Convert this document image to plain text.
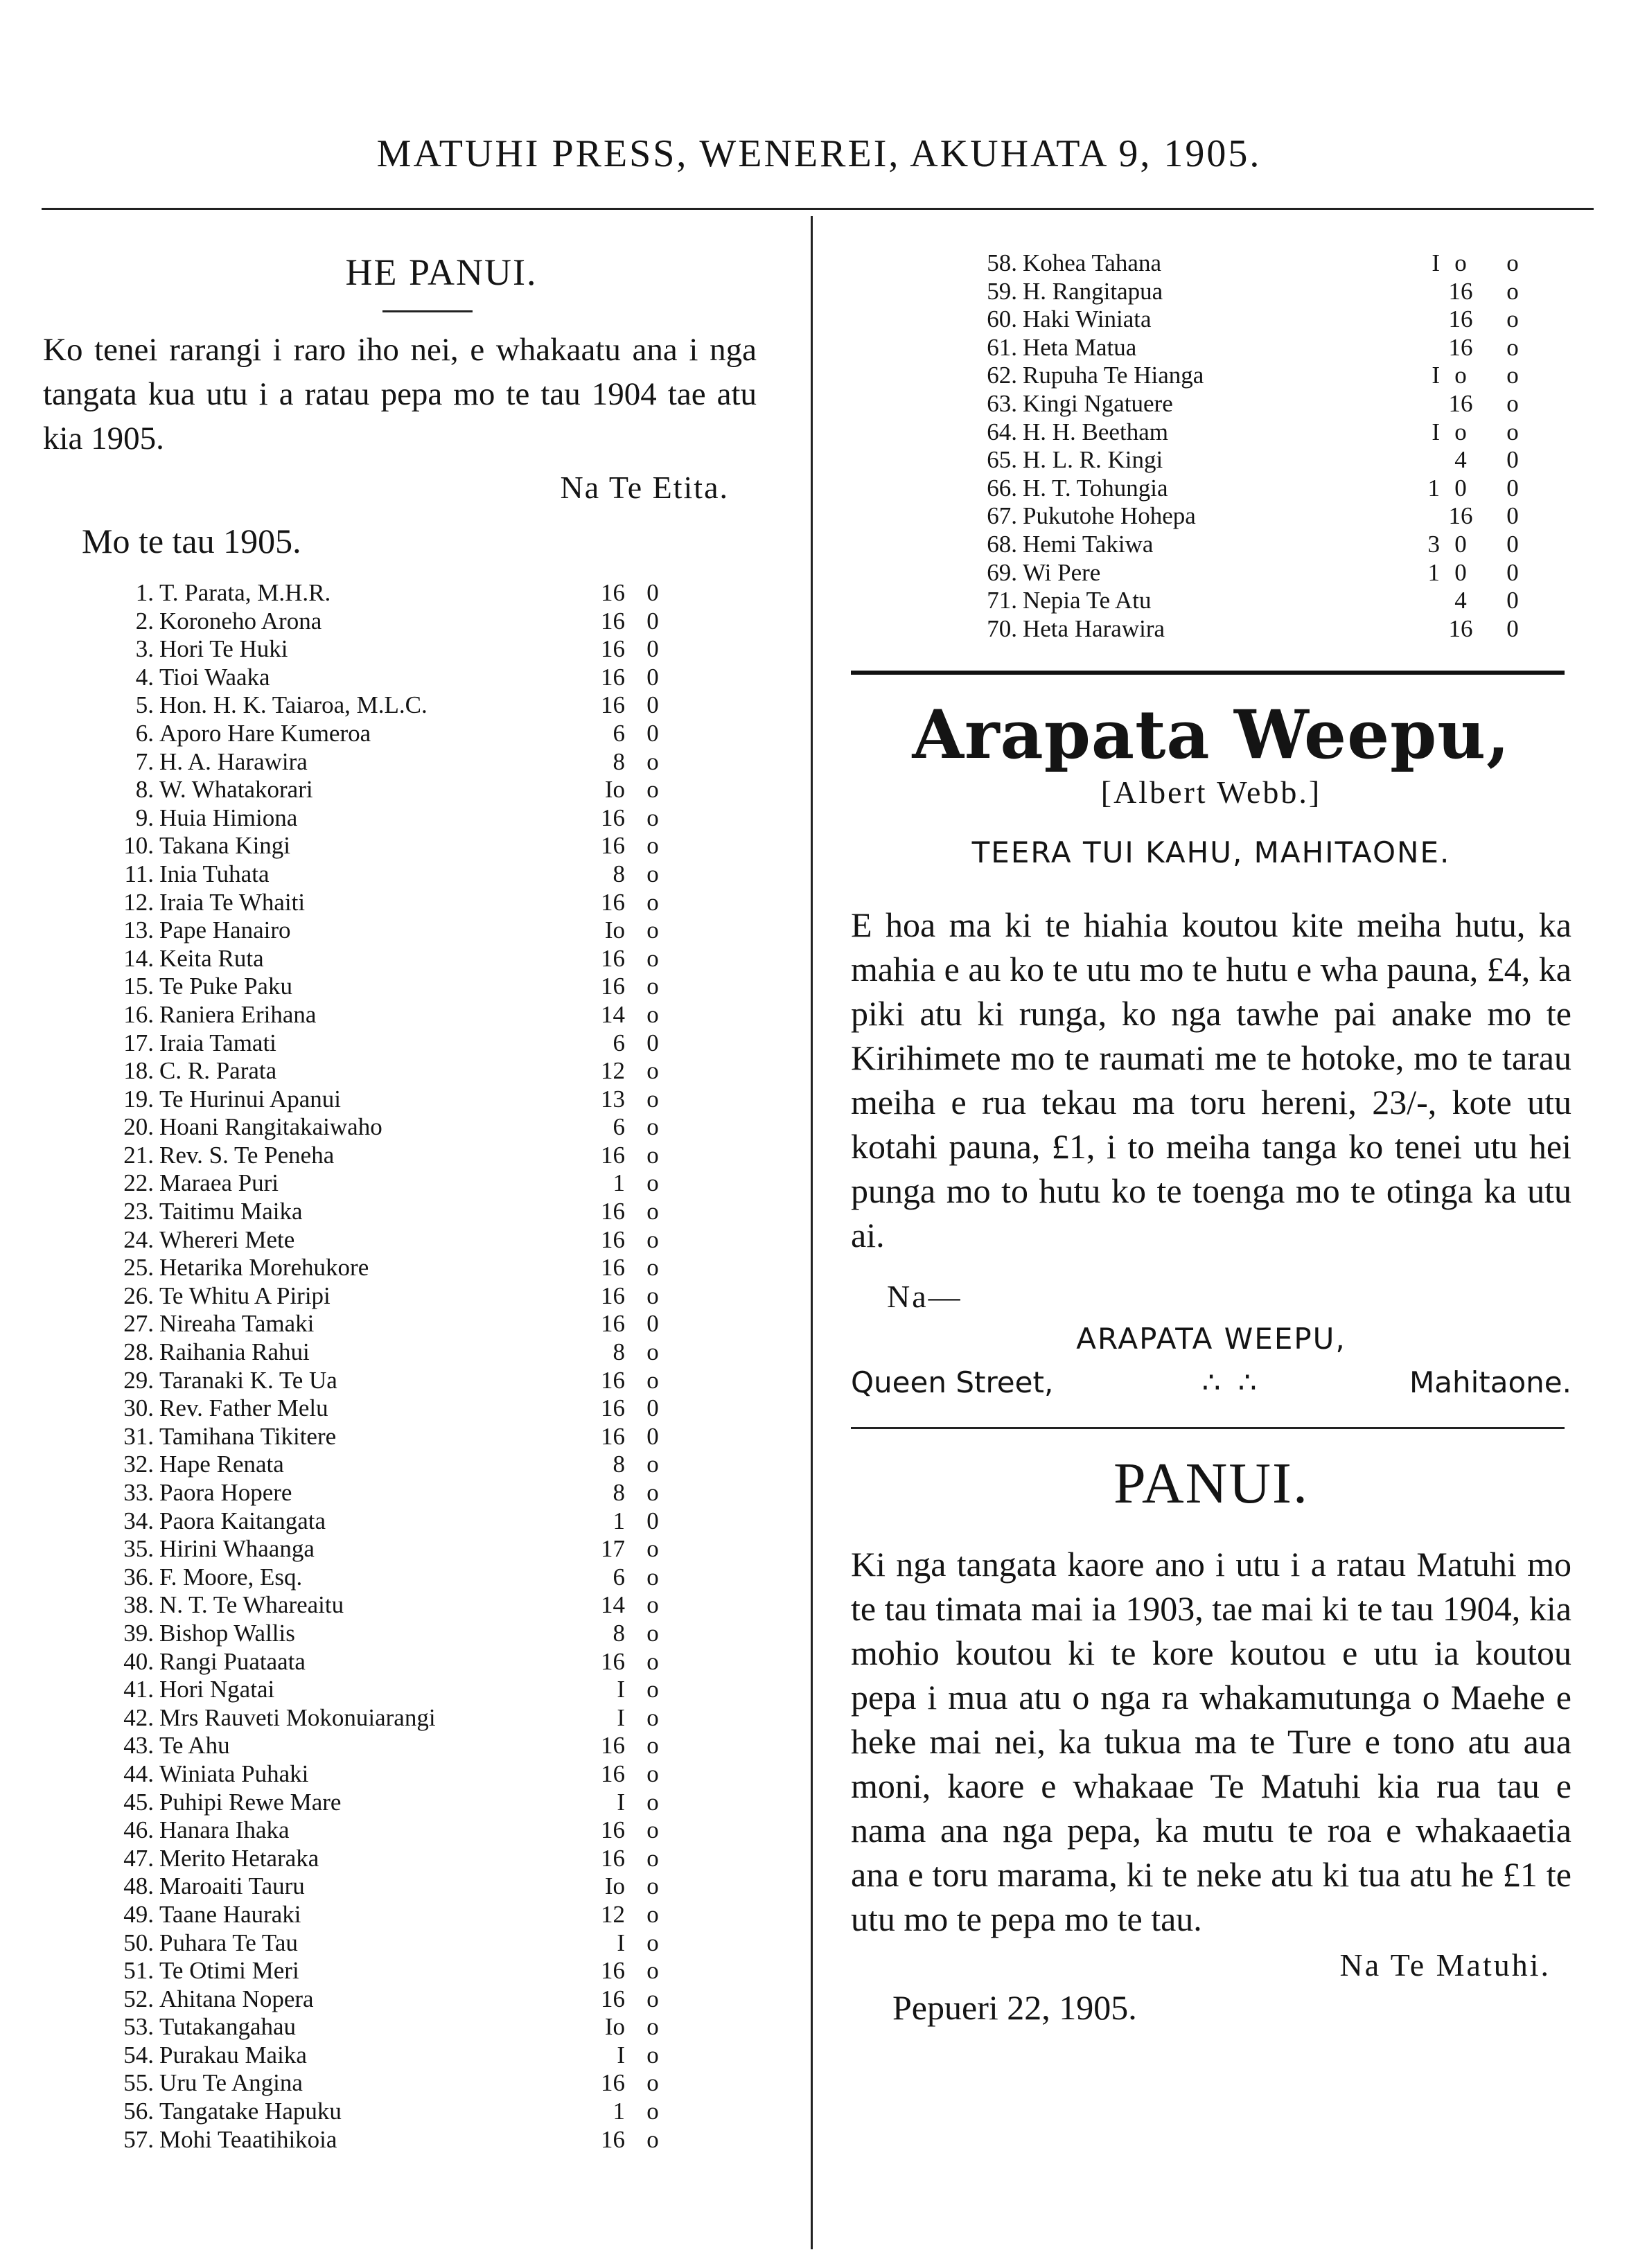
MATUHI PRESS, WENEREI, AKUHATA 9, 1905.
HE PANUI.
Ko tenei rarangi i raro iho nei, e whakaatu ana i nga tangata kua utu i a ratau pepa mo te tau 1904 tae atu kia 1905.
Na Te Etita.
Mo te tau 1905.
1. T. Parata, M.H.R.	16 0
2. Koroneho Arona	16 0
3. Hori Te Huki	16 0
4. Tioi Waaka	16 0
5. Hon. H. K. Taiaroa, M.L.C.	16 0
6. Aporo Hare Kumeroa	6 0
7. H. A. Harawira	8 o
8. W. Whatakorari	Io o
9. Huia Himiona	16 o
10. Takana Kingi	16 o
11. Inia Tuhata	8 o
12. Iraia Te Whaiti	16 o
13. Pape Hanairo	Io o
14. Keita Ruta	16 o
15. Te Puke Paku	16 o
16. Raniera Erihana	14 o
17. Iraia Tamati	6 0
18. C. R. Parata	12 o
19. Te Hurinui Apanui	13 o
20. Hoani Rangitakaiwaho	6 o
21. Rev. S. Te Peneha	16 o
22. Maraea Puri	1 o
23. Taitimu Maika	16 o
24. Whereri Mete	16 o
25. Hetarika Morehukore	16 o
26. Te Whitu A Piripi	16 o
27. Nireaha Tamaki	16 0
28. Raihania Rahui	8 o
29. Taranaki K. Te Ua	16 o
30. Rev. Father Melu	16 0
31. Tamihana Tikitere	16 0
32. Hape Renata	8 o
33. Paora Hopere	8 o
34. Paora Kaitangata	1 0
35. Hirini Whaanga	17 o
36. F. Moore, Esq.	6 o
38. N. T. Te Whareaitu	14 o
39. Bishop Wallis	8 o
40. Rangi Puataata	16 o
41. Hori Ngatai	I o
42. Mrs Rauveti Mokonuiarangi	I o
43. Te Ahu	16 o
44. Winiata Puhaki	16 o
45. Puhipi Rewe Mare	I o
46. Hanara Ihaka	16 o
47. Merito Hetaraka	16 o
48. Maroaiti Tauru	Io o
49. Taane Hauraki	12 o
50. Puhara Te Tau	I o
51. Te Otimi Meri	16 o
52. Ahitana Nopera	16 o
53. Tutakangahau	Io o
54. Purakau Maika	I o
55. Uru Te Angina	16 o
56. Tangatake Hapuku	1 o
57. Mohi Teaatihikoia	16 o
58. Kohea Tahana	I o	o
59. H. Rangitapua	16	o
60. Haki Winiata	16	o
61. Heta Matua	16	o
62. Rupuha Te Hianga	I o	o
63. Kingi Ngatuere	16	o
64. H. H. Beetham	I o	o
65. H. L. R. Kingi	4	0
66. H. T. Tohungia	1 0	0
67. Pukutohe Hohepa	16	0
68. Hemi Takiwa	3 0	0
69. Wi Pere	1 0	0
71. Nepia Te Atu	4	0
70. Heta Harawira	16	0
Arapata Weepu,
[Albert Webb.]
TEERA TUI KAHU, MAHITAONE.
E hoa ma ki te hiahia koutou kite meiha hutu, ka mahia e au ko te utu mo te hutu e wha pauna, £4, ka piki atu ki runga, ko nga tawhe pai anake mo te Kirihimete mo te raumati me te hotoke, mo te tarau meiha e rua tekau ma toru hereni, 23/-, kote utu kotahi pauna, £1, i to meiha tanga ko tenei utu hei punga mo to hutu ko te toenga mo te otinga ka utu ai.
Na—
ARAPATA WEEPU,
Queen Street,	∴ ∴	Mahitaone.
PANUI.
Ki nga tangata kaore ano i utu i a ratau Matuhi mo te tau timata mai ia 1903, tae mai ki te tau 1904, kia mohio koutou ki te kore koutou e utu ia koutou pepa i mua atu o nga ra whakamutunga o Maehe e heke mai nei, ka tukua ma te Ture e tono atu aua moni, kaore e whakaae Te Matuhi kia rua tau e nama ana nga pepa, ka mutu te roa e whakaaetia ana e toru marama, ki te neke atu ki tua atu he £1 te utu mo te pepa mo te tau.
Na Te Matuhi.
Pepueri 22, 1905.
